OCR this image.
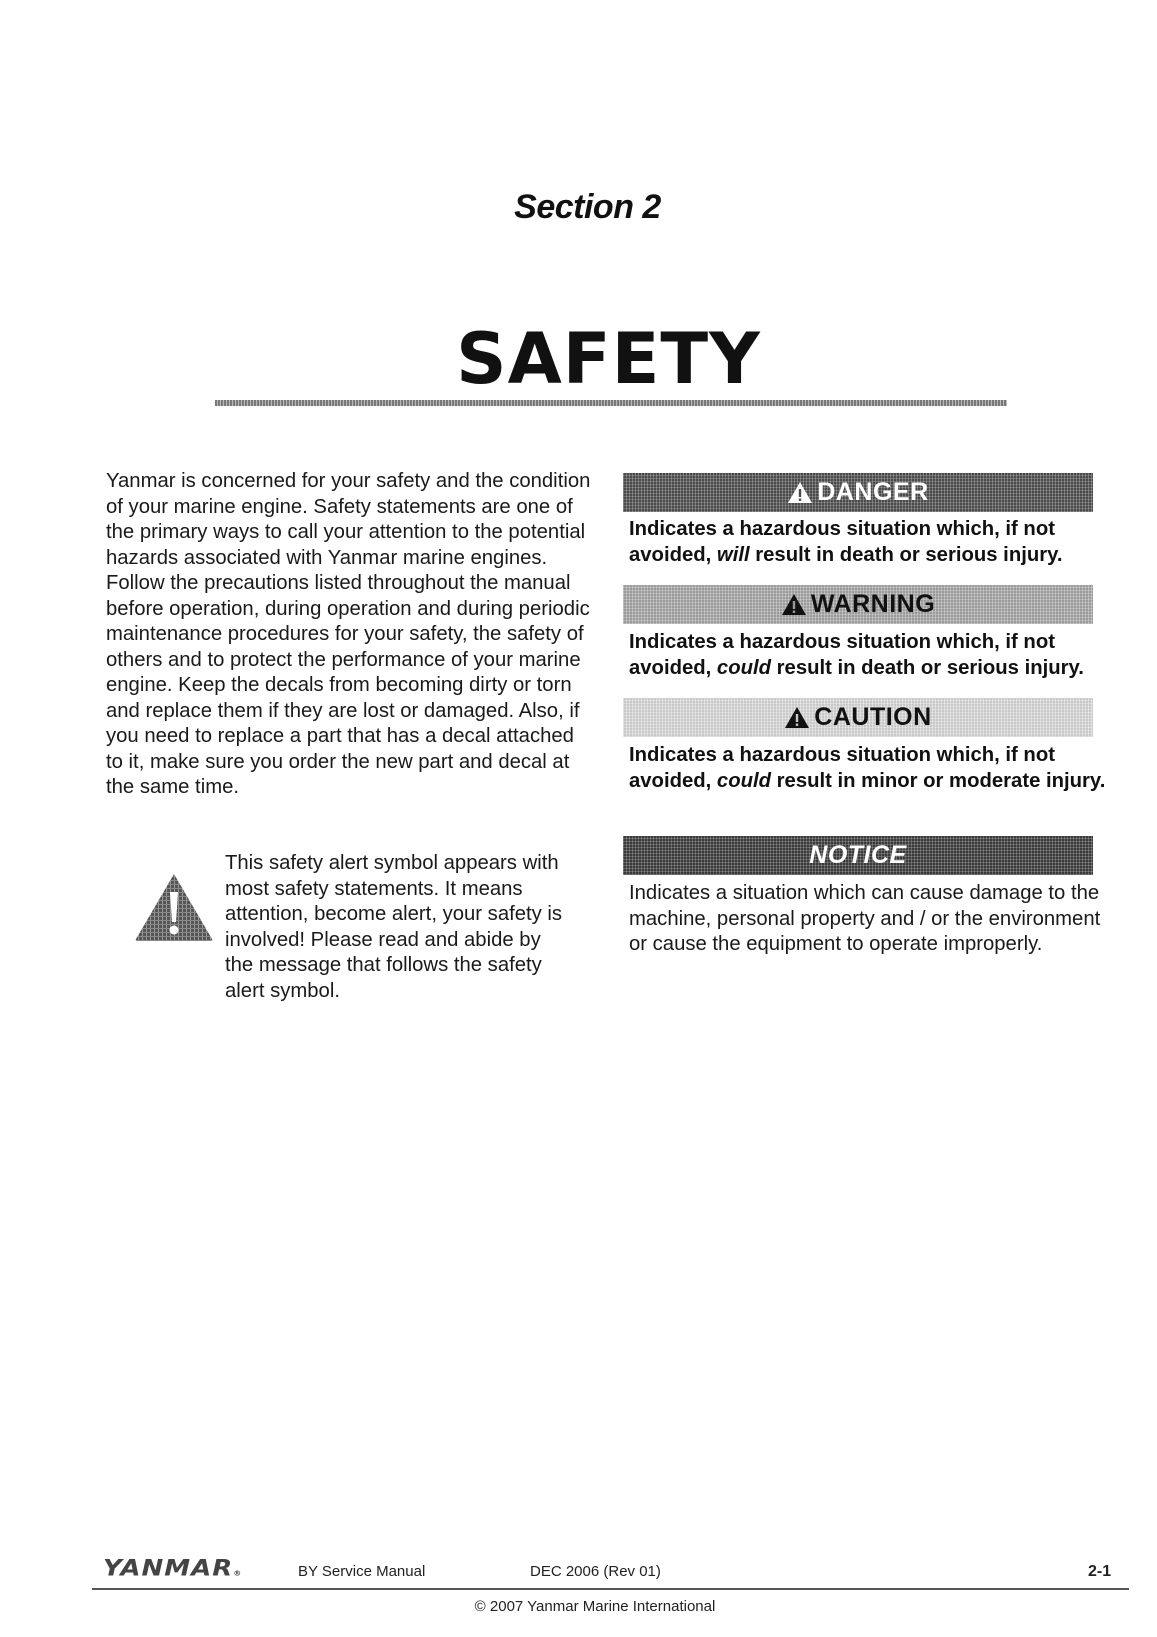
Section 2
SAFETY

Yanmar is concerned for your safety and the condition of your marine engine. Safety statements are one of the primary ways to call your attention to the potential hazards associated with Yanmar marine engines. Follow the precautions listed throughout the manual before operation, during operation and during periodic maintenance procedures for your safety, the safety of others and to protect the performance of your marine engine. Keep the decals from becoming dirty or torn and replace them if they are lost or damaged. Also, if you need to replace a part that has a decal attached to it, make sure you order the new part and decal at the same time.

This safety alert symbol appears with most safety statements. It means attention, become alert, your safety is involved! Please read and abide by the message that follows the safety alert symbol.

DANGER

Indicates a hazardous situation which, if not avoided, will result in death or serious injury.

WARNING

Indicates a hazardous situation which, if not avoided, could result in death or serious injury.

CAUTION

Indicates a hazardous situation which, if not avoided, could result in minor or moderate injury.

NOTICE

Indicates a situation which can cause damage to the machine, personal property and / or the environment or cause the equipment to operate improperly.

YANMAR®	BY Service Manual	DEC 2006 (Rev 01)	2-1
© 2007 Yanmar Marine International
